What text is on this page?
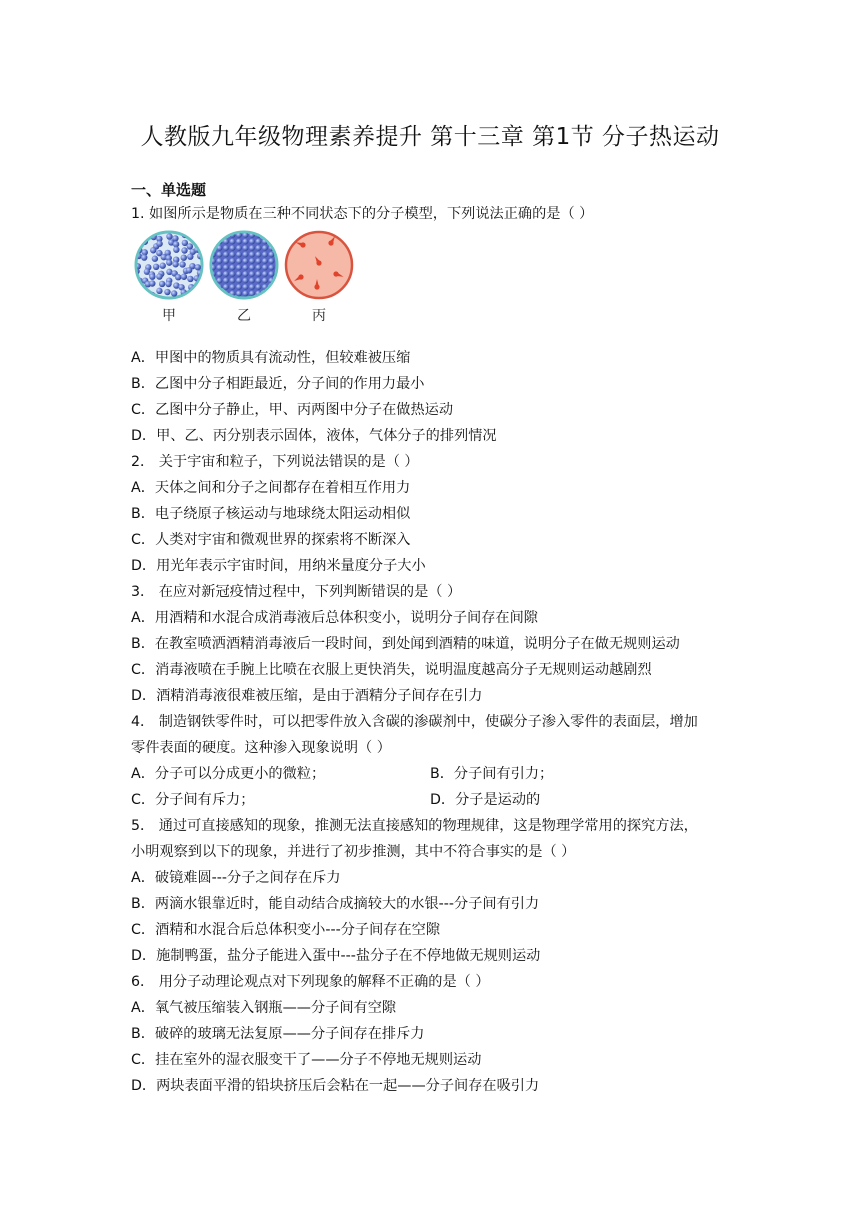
人教版九年级物理素养提升 第十三章 第1节 分子热运动
一、单选题
1. 如图所示是物质在三种不同状态下的分子模型，下列说法正确的是（ ）
甲	乙	丙
A．甲图中的物质具有流动性，但较难被压缩
B．乙图中分子相距最近，分子间的作用力最小
C．乙图中分子静止，甲、丙两图中分子在做热运动
D．甲、乙、丙分别表示固体，液体，气体分子的排列情况
2． 关于宇宙和粒子，下列说法错误的是（ ）
A．天体之间和分子之间都存在着相互作用力
B．电子绕原子核运动与地球绕太阳运动相似
C．人类对宇宙和微观世界的探索将不断深入
D．用光年表示宇宙时间，用纳米量度分子大小
3． 在应对新冠疫情过程中，下列判断错误的是（ ）
A．用酒精和水混合成消毒液后总体积变小，说明分子间存在间隙
B．在教室喷洒酒精消毒液后一段时间，到处闻到酒精的味道，说明分子在做无规则运动
C．消毒液喷在手腕上比喷在衣服上更快消失，说明温度越高分子无规则运动越剧烈
D．酒精消毒液很难被压缩，是由于酒精分子间存在引力
4． 制造钢铁零件时，可以把零件放入含碳的渗碳剂中，使碳分子渗入零件的表面层，增加
零件表面的硬度。这种渗入现象说明（ ）
A．分子可以分成更小的微粒；	B．分子间有引力；
C．分子间有斥力；	D．分子是运动的
5． 通过可直接感知的现象，推测无法直接感知的物理规律，这是物理学常用的探究方法，
小明观察到以下的现象，并进行了初步推测，其中不符合事实的是（ ）
A．破镜难圆---分子之间存在斥力
B．两滴水银靠近时，能自动结合成摘较大的水银---分子间有引力
C．酒精和水混合后总体积变小---分子间存在空隙
D．施制鸭蛋，盐分子能进入蛋中---盐分子在不停地做无规则运动
6． 用分子动理论观点对下列现象的解释不正确的是（ ）
A．氧气被压缩装入钢瓶——分子间有空隙
B．破碎的玻璃无法复原——分子间存在排斥力
C．挂在室外的湿衣服变干了——分子不停地无规则运动
D．两块表面平滑的铅块挤压后会粘在一起——分子间存在吸引力
